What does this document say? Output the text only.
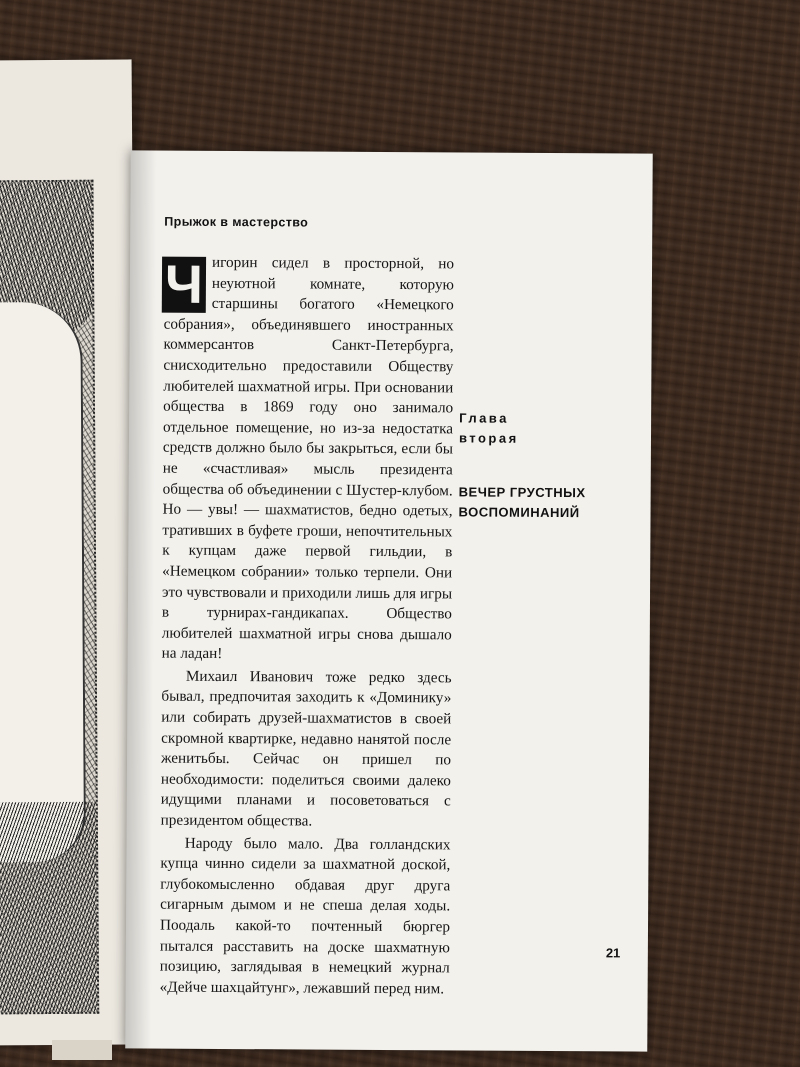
Прыжок в мастерство

Ч игорин сидел в просторной, но неуютной комнате, которую старшины богатого «Немецкого собрания», объединявшего иностранных коммерсантов Санкт-Петербурга, снисходительно предоставили Обществу любителей шахматной игры. При основании общества в 1869 году оно занимало отдельное помещение, но из-за недостатка средств должно было бы закрыться, если бы не «счастливая» мысль президента общества об объединении с Шустер-клубом. Но — увы! — шахматистов, бедно одетых, тративших в буфете гроши, непочтительных к купцам даже первой гильдии, в «Немецком собрании» только терпели. Они это чувствовали и приходили лишь для игры в турнирах-гандикапах. Общество любителей шахматной игры снова дышало на ладан!

Михаил Иванович тоже редко здесь бывал, предпочитая заходить к «Доминику» или собирать друзей-шахматистов в своей скромной квартирке, недавно нанятой после женитьбы. Сейчас он пришел по необходимости: поделиться своими далеко идущими планами и посоветоваться с президентом общества.

Народу было мало. Два голландских купца чинно сидели за шахматной доской, глубокомысленно обдавая друг друга сигарным дымом и не спеша делая ходы. Поодаль какой-то почтенный бюргер пытался расставить на доске шахматную позицию, заглядывая в немецкий журнал «Дейче шахцайтунг», лежавший перед ним.

Глава
вторая
ВЕЧЕР ГРУСТНЫХ
ВОСПОМИНАНИЙ
21
